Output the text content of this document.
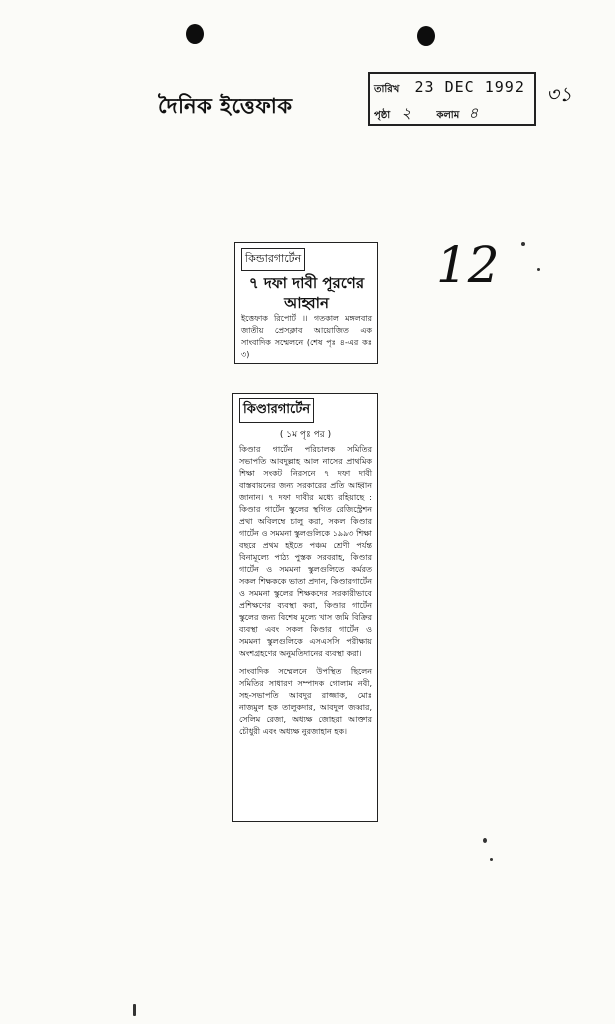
দৈনিক ইত্তেফাক
তারিখ 23 DEC 1992
পৃষ্ঠা ২	কলাম ৪
৩১
12
কিন্ডারগার্টেন
৭ দফা দাবী পূরণের আহ্বান
ইত্তেফাক রিপোর্ট ।। গতকাল মঙ্গলবার জাতীয় প্রেসক্লাব আয়োজিত এক সাংবাদিক সম্মেলনে (শেষ পৃঃ ৪-এর কঃ ৩)
কিণ্ডারগার্টেন
( ১ম পৃঃ পর )
কিণ্ডার গার্টেন পরিচালক সমিতির সভাপতি আবদুল্লাহ আল নাসের প্রাথমিক শিক্ষা সংকট নিরসনে ৭ দফা দাবী বাস্তবায়নের জন্য সরকারের প্রতি আহ্বান জানান। ৭ দফা দাবীর মধ্যে রহিয়াছে : কিণ্ডার গার্টেন স্কুলের স্থগিত রেজিস্ট্রেশন প্রথা অবিলম্বে চালু করা, সকল কিণ্ডার গার্টেন ও সমমনা স্কুলগুলিকে ১৯৯৩ শিক্ষা বছরে প্রথম হইতে পঞ্চম শ্রেণী পর্যন্ত বিনামূল্যে পাঠ্য পুস্তক সরবরাহ, কিণ্ডার গার্টেন ও সমমনা স্কুলগুলিতে কর্মরত সকল শিক্ষককে ভাতা প্রদান, কিণ্ডারগার্টেন ও সমমনা স্কুলের শিক্ষকদের সরকারীভাবে প্রশিক্ষণের ব্যবস্থা করা, কিণ্ডার গার্টেন স্কুলের জন্য বিশেষ মূল্যে খাস জমি বিক্রির ব্যবস্থা এবং সকল কিণ্ডার গার্টেন ও সমমনা স্কুলগুলিকে এসএসসি পরীক্ষায় অংশগ্রহণের অনুমতিদানের ব্যবস্থা করা।
সাংবাদিক সম্মেলনে উপস্থিত ছিলেন সমিতির সাধারণ সম্পাদক গোলাম নবী, সহ-সভাপতি আবদুর রাজ্জাক, মোঃ নাজমুল হক তালুকদার, আবদুল জব্বার, সেলিম রেজা, অধ্যক্ষ জোহরা আক্তার চৌধুরী এবং অধ্যক্ষ নুরজাহান হক।
